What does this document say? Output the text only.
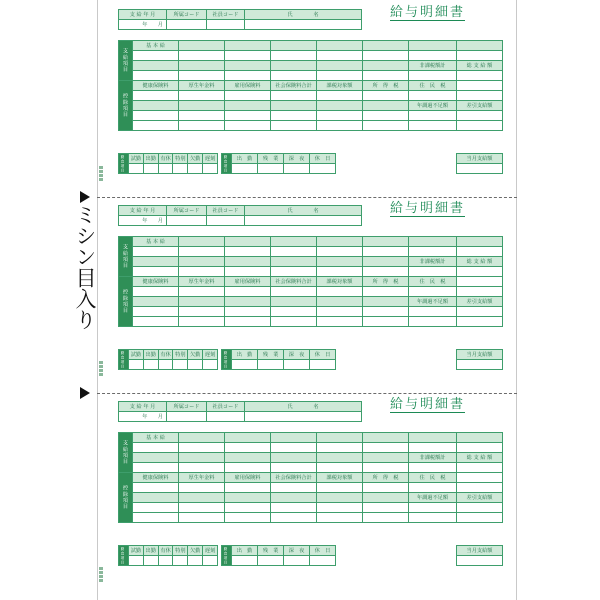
ミシン目入り
給与明細書
支 給 年 月	所属コード	社員コード	氏　　　　名
年　　 月			
支給項目	基 本 給							

							非課税額計	総 支 給 額

控除項目	健康保険料	厚生年金料	雇用保険料	社会保険料合計	課税対象額	所　得　税	住　民　税	

							年調過不足額	差引支給額

勤怠項目	試勤	出勤	有休	特別	欠勤	遅刻
					勤怠項目	出　勤	残　業	深　夜	休　日
				当月支給額

給与明細書
支 給 年 月	所属コード	社員コード	氏　　　　名
年　　 月			
支給項目	基 本 給							

							非課税額計	総 支 給 額

控除項目	健康保険料	厚生年金料	雇用保険料	社会保険料合計	課税対象額	所　得　税	住　民　税	

							年調過不足額	差引支給額

勤怠項目	試勤	出勤	有休	特別	欠勤	遅刻
					勤怠項目	出　勤	残　業	深　夜	休　日
				当月支給額

給与明細書
支 給 年 月	所属コード	社員コード	氏　　　　名
年　　 月			
支給項目	基 本 給							

							非課税額計	総 支 給 額

控除項目	健康保険料	厚生年金料	雇用保険料	社会保険料合計	課税対象額	所　得　税	住　民　税	

							年調過不足額	差引支給額

勤怠項目	試勤	出勤	有休	特別	欠勤	遅刻
					勤怠項目	出　勤	残　業	深　夜	休　日
				当月支給額
